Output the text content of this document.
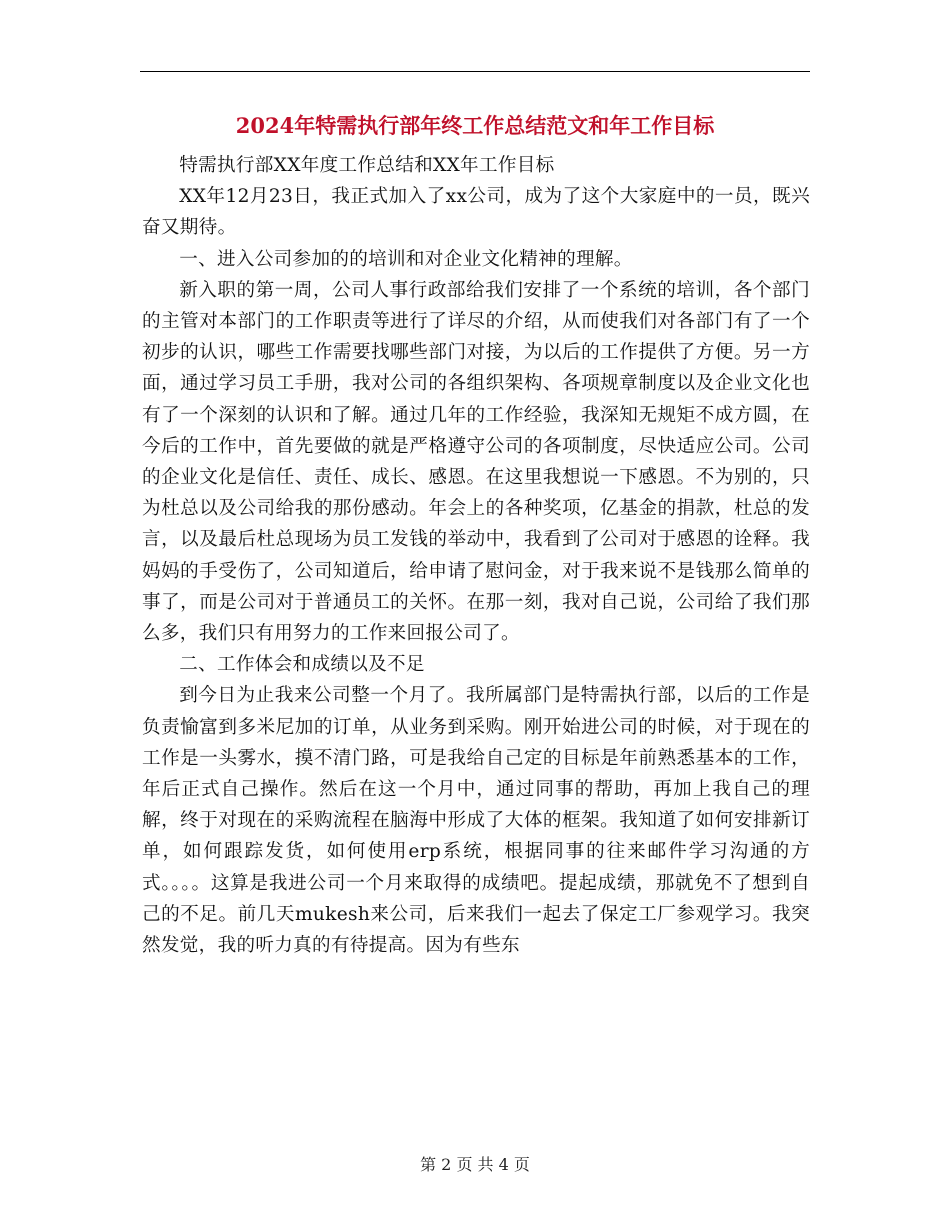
2024年特需执行部年终工作总结范文和年工作目标

特需执行部XX年度工作总结和XX年工作目标

XX年12月23日，我正式加入了xx公司，成为了这个大家庭中的一员，既兴奋又期待。

一、进入公司参加的的培训和对企业文化精神的理解。

新入职的第一周，公司人事行政部给我们安排了一个系统的培训，各个部门的主管对本部门的工作职责等进行了详尽的介绍，从而使我们对各部门有了一个初步的认识，哪些工作需要找哪些部门对接，为以后的工作提供了方便。另一方面，通过学习员工手册，我对公司的各组织架构、各项规章制度以及企业文化也有了一个深刻的认识和了解。通过几年的工作经验，我深知无规矩不成方圆，在今后的工作中，首先要做的就是严格遵守公司的各项制度，尽快适应公司。公司的企业文化是信任、责任、成长、感恩。在这里我想说一下感恩。不为别的，只为杜总以及公司给我的那份感动。年会上的各种奖项，亿基金的捐款，杜总的发言，以及最后杜总现场为员工发钱的举动中，我看到了公司对于感恩的诠释。我妈妈的手受伤了，公司知道后，给申请了慰问金，对于我来说不是钱那么简单的事了，而是公司对于普通员工的关怀。在那一刻，我对自己说，公司给了我们那么多，我们只有用努力的工作来回报公司了。

二、工作体会和成绩以及不足

到今日为止我来公司整一个月了。我所属部门是特需执行部，以后的工作是负责愉富到多米尼加的订单，从业务到采购。刚开始进公司的时候，对于现在的工作是一头雾水，摸不清门路，可是我给自己定的目标是年前熟悉基本的工作，年后正式自己操作。然后在这一个月中，通过同事的帮助，再加上我自己的理解，终于对现在的采购流程在脑海中形成了大体的框架。我知道了如何安排新订单，如何跟踪发货，如何使用erp系统，根据同事的往来邮件学习沟通的方式。。。。这算是我进公司一个月来取得的成绩吧。提起成绩，那就免不了想到自己的不足。前几天mukesh来公司，后来我们一起去了保定工厂参观学习。我突然发觉，我的听力真的有待提高。因为有些东

第 2 页 共 4 页
